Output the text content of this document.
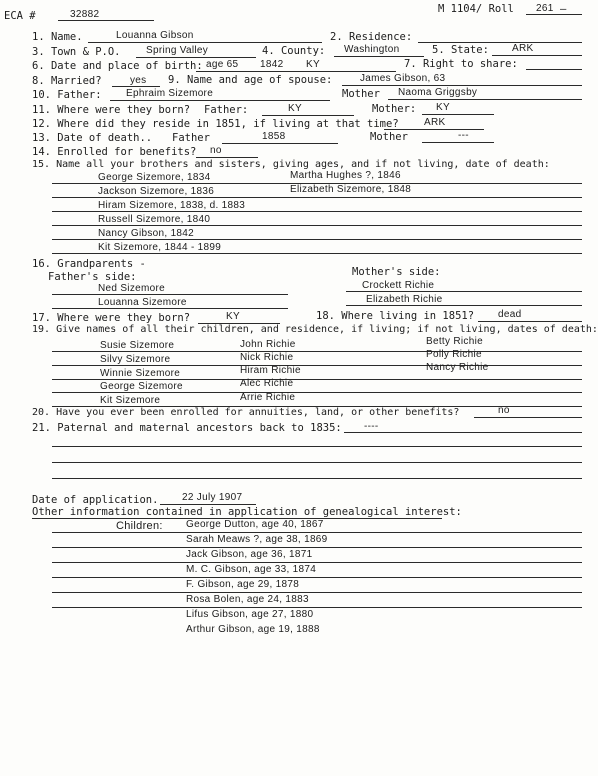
ECA #	32882	M 1104/ Roll 261 —
1. Name.	Louanna Gibson	2. Residence:
3. Town & P.O.	Spring Valley	4. County: Washington	5. State: ARK
6. Date and place of birth: age 65 1842 KY	7. Right to share:
8. Married?	yes 9. Name and age of spouse:	James Gibson, 63
10. Father: Ephraim Sizemore	Mother Naoma Griggsby
11. Where were they born? Father:	KY	Mother: KY
12. Where did they reside in 1851, if living at that time?	ARK
13. Date of death.. Father	1858	Mother	---
14. Enrolled for benefits? no
15. Name all your brothers and sisters, giving ages, and if not living, date of death:
George Sizemore, 1834	Martha Hughes ?, 1846
Jackson Sizemore, 1836	Elizabeth Sizemore, 1848
Hiram Sizemore, 1838, d. 1883
Russell Sizemore, 1840
Nancy Gibson, 1842
Kit Sizemore, 1844 - 1899
16. Grandparents -
Father's side:	Mother's side:
Ned Sizemore	Crockett Richie
Louanna Sizemore	Elizabeth Richie
17. Where were they born?	KY	18. Where living in 1851? dead
19. Give names of all their children, and residence, if living; if not living, dates of death:
Susie Sizemore	John Richie	Betty Richie
Silvy Sizemore	Nick Richie	Polly Richie
Winnie Sizemore	Hiram Richie	Nancy Richie
George Sizemore	Alec Richie
Kit Sizemore	Arrie Richie
20. Have you ever been enrolled for annuities, land, or other benefits?	no
21. Paternal and maternal ancestors back to 1835: ----
Date of application. 22 July 1907
Other information contained in application of genealogical interest:
Children: George Dutton, age 40, 1867
Sarah Meaws ?, age 38, 1869
Jack Gibson, age 36, 1871
M. C. Gibson, age 33, 1874
F. Gibson, age 29, 1878
Rosa Bolen, age 24, 1883
Lifus Gibson, age 27, 1880
Arthur Gibson, age 19, 1888
